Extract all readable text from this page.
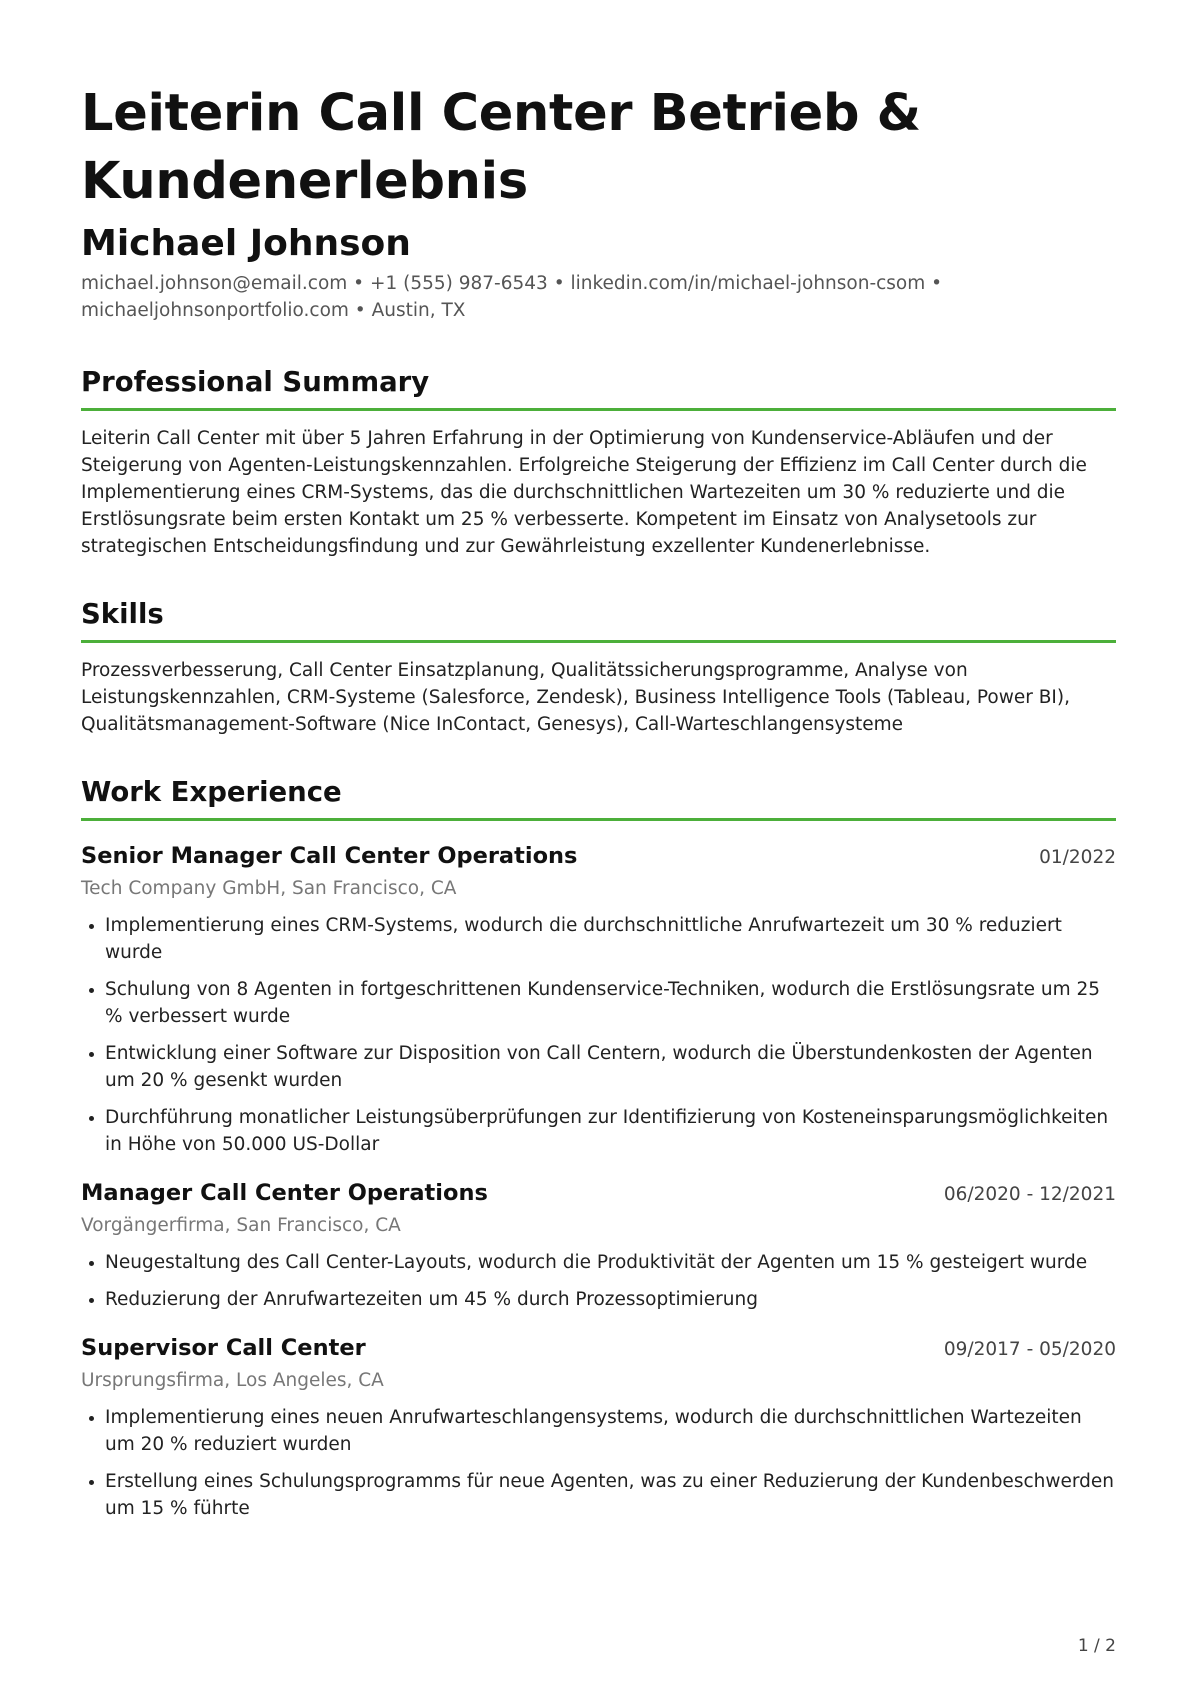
Leiterin Call Center Betrieb & Kundenerlebnis
Michael Johnson
michael.johnson@email.com • +1 (555) 987-6543 • linkedin.com/in/michael-johnson-csom •
michaeljohnsonportfolio.com • Austin, TX
Professional Summary

Leiterin Call Center mit über 5 Jahren Erfahrung in der Optimierung von Kundenservice-Abläufen und der Steigerung von Agenten-Leistungskennzahlen. Erfolgreiche Steigerung der Effizienz im Call Center durch die Implementierung eines CRM-Systems, das die durchschnittlichen Wartezeiten um 30 % reduzierte und die Erstlösungsrate beim ersten Kontakt um 25 % verbesserte. Kompetent im Einsatz von Analysetools zur strategischen Entscheidungsfindung und zur Gewährleistung exzellenter Kundenerlebnisse.

Skills

Prozessverbesserung, Call Center Einsatzplanung, Qualitätssicherungsprogramme, Analyse von Leistungskennzahlen, CRM-Systeme (Salesforce, Zendesk), Business Intelligence Tools (Tableau, Power BI), Qualitätsmanagement-Software (Nice InContact, Genesys), Call-Warteschlangensysteme

Work Experience
Senior Manager Call Center Operations	01/2022
Tech Company GmbH, San Francisco, CA
Implementierung eines CRM-Systems, wodurch die durchschnittliche Anrufwartezeit um 30 % reduziert wurde
Schulung von 8 Agenten in fortgeschrittenen Kundenservice-Techniken, wodurch die Erstlösungsrate um 25 % verbessert wurde
Entwicklung einer Software zur Disposition von Call Centern, wodurch die Überstundenkosten der Agenten um 20 % gesenkt wurden
Durchführung monatlicher Leistungsüberprüfungen zur Identifizierung von Kosteneinsparungsmöglichkeiten in Höhe von 50.000 US-Dollar
Manager Call Center Operations	06/2020 - 12/2021
Vorgängerfirma, San Francisco, CA
Neugestaltung des Call Center-Layouts, wodurch die Produktivität der Agenten um 15 % gesteigert wurde
Reduzierung der Anrufwartezeiten um 45 % durch Prozessoptimierung
Supervisor Call Center	09/2017 - 05/2020
Ursprungsfirma, Los Angeles, CA
Implementierung eines neuen Anrufwarteschlangensystems, wodurch die durchschnittlichen Wartezeiten um 20 % reduziert wurden
Erstellung eines Schulungsprogramms für neue Agenten, was zu einer Reduzierung der Kundenbeschwerden um 15 % führte
1 / 2
